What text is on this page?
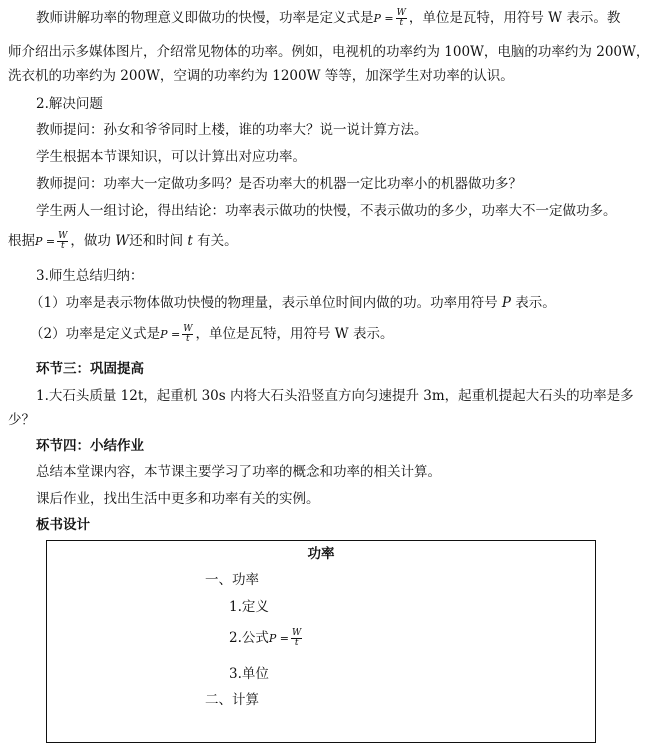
教师讲解功率的物理意义即做功的快慢，功率是定义式是$P = \frac{W}{t}$ ，单位是瓦特，用符号 W 表示。教
师介绍出示多媒体图片，介绍常见物体的功率。例如，电视机的功率约为 100W，电脑的功率约为 200W，
洗衣机的功率约为 200W，空调的功率约为 1200W 等等，加深学生对功率的认识。
2.解决问题
教师提问：孙女和爷爷同时上楼，谁的功率大？说一说计算方法。
学生根据本节课知识，可以计算出对应功率。
教师提问：功率大一定做功多吗？是否功率大的机器一定比功率小的机器做功多？
学生两人一组讨论，得出结论：功率表示做功的快慢，不表示做功的多少，功率大不一定做功多。
根据$P = \frac{W}{t}$ ，做功 W还和时间 t 有关。
3.师生总结归纳：
（1）功率是表示物体做功快慢的物理量，表示单位时间内做的功。功率用符号 P 表示。
（2）功率是定义式是$P = \frac{W}{t}$ ，单位是瓦特，用符号 W 表示。
环节三：巩固提高
1.大石头质量 12t，起重机 30s 内将大石头沿竖直方向匀速提升 3m，起重机提起大石头的功率是多
少？
环节四：小结作业
总结本堂课内容，本节课主要学习了功率的概念和功率的相关计算。
课后作业，找出生活中更多和功率有关的实例。
板书设计
功率
一、功率
1.定义
2.公式$P = \frac{W}{t}$
3.单位
二、计算
